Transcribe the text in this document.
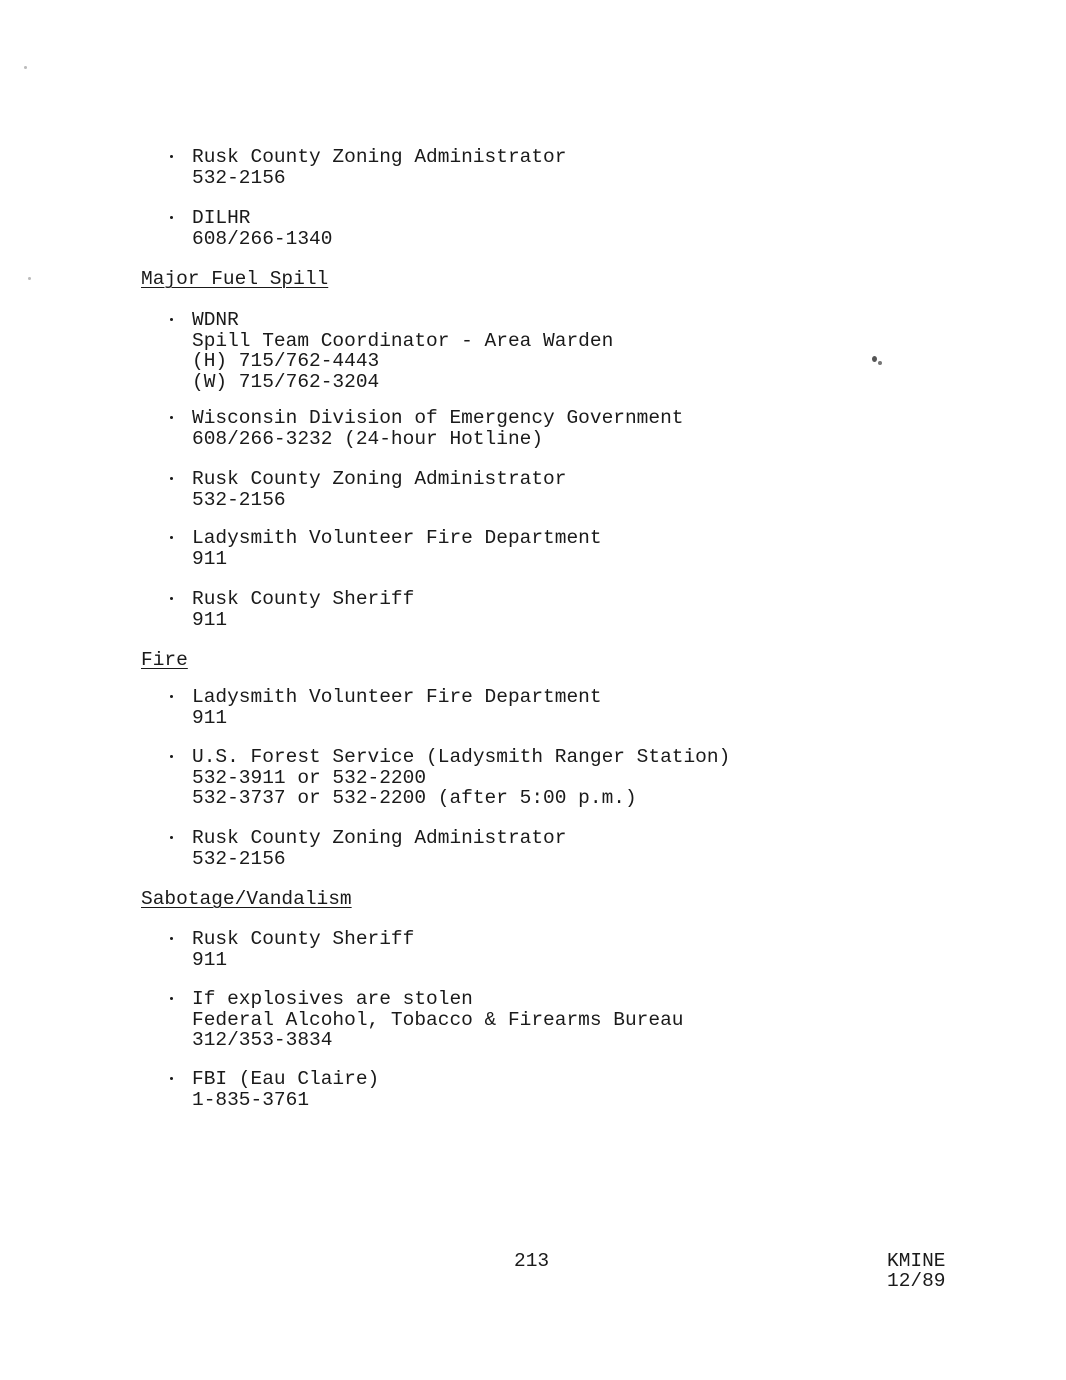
Rusk County Zoning Administrator
532-2156
DILHR
608/266-1340
Major Fuel Spill
WDNR
Spill Team Coordinator - Area Warden
(H) 715/762-4443
(W) 715/762-3204
Wisconsin Division of Emergency Government
608/266-3232 (24-hour Hotline)
Rusk County Zoning Administrator
532-2156
Ladysmith Volunteer Fire Department
911
Rusk County Sheriff
911
Fire
Ladysmith Volunteer Fire Department
911
U.S. Forest Service (Ladysmith Ranger Station)
532-3911 or 532-2200
532-3737 or 532-2200 (after 5:00 p.m.)
Rusk County Zoning Administrator
532-2156
Sabotage/Vandalism
Rusk County Sheriff
911
If explosives are stolen
Federal Alcohol, Tobacco & Firearms Bureau
312/353-3834
FBI (Eau Claire)
1-835-3761
213	KMINE
12/89
